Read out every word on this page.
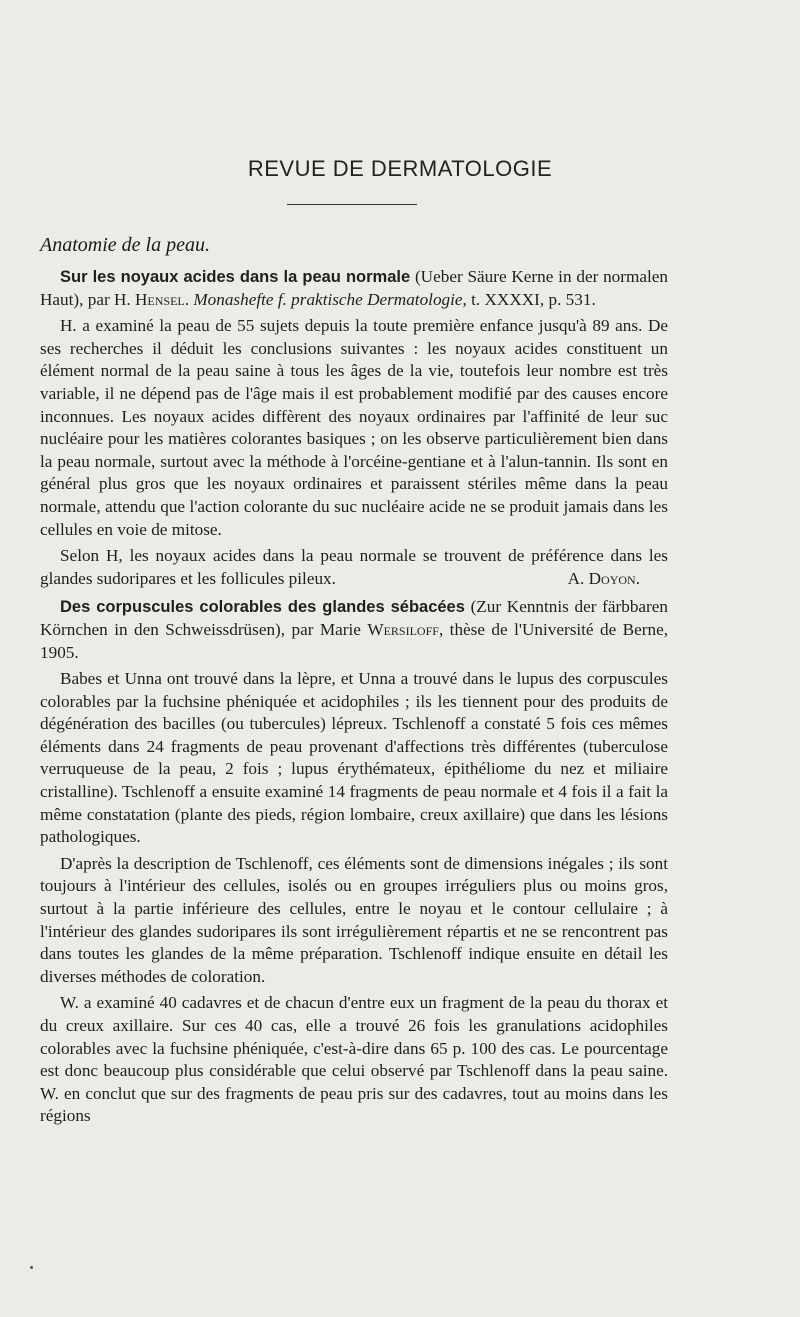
REVUE DE DERMATOLOGIE
Anatomie de la peau.

Sur les noyaux acides dans la peau normale (Ueber Säure Kerne in der normalen Haut), par H. Hensel. Monashefte f. praktische Dermatologie, t. XXXXI, p. 531.

H. a examiné la peau de 55 sujets depuis la toute première enfance jusqu'à 89 ans. De ses recherches il déduit les conclusions suivantes : les noyaux acides constituent un élément normal de la peau saine à tous les âges de la vie, toutefois leur nombre est très variable, il ne dépend pas de l'âge mais il est probablement modifié par des causes encore inconnues. Les noyaux acides diffèrent des noyaux ordinaires par l'affinité de leur suc nucléaire pour les matières colorantes basiques ; on les observe particulièrement bien dans la peau normale, surtout avec la méthode à l'orcéine-gentiane et à l'alun-tannin. Ils sont en général plus gros que les noyaux ordinaires et paraissent stériles même dans la peau normale, attendu que l'action colorante du suc nucléaire acide ne se produit jamais dans les cellules en voie de mitose.

Selon H, les noyaux acides dans la peau normale se trouvent de préférence dans les glandes sudoripares et les follicules pileux.	A. Doyon.

Des corpuscules colorables des glandes sébacées (Zur Kenntnis der färbbaren Körnchen in den Schweissdrüsen), par Marie Wersiloff, thèse de l'Université de Berne, 1905.

Babes et Unna ont trouvé dans la lèpre, et Unna a trouvé dans le lupus des corpuscules colorables par la fuchsine phéniquée et acidophiles ; ils les tiennent pour des produits de dégénération des bacilles (ou tubercules) lépreux. Tschlenoff a constaté 5 fois ces mêmes éléments dans 24 fragments de peau provenant d'affections très différentes (tuberculose verruqueuse de la peau, 2 fois ; lupus érythémateux, épithéliome du nez et miliaire cristalline). Tschlenoff a ensuite examiné 14 fragments de peau normale et 4 fois il a fait la même constatation (plante des pieds, région lombaire, creux axillaire) que dans les lésions pathologiques.

D'après la description de Tschlenoff, ces éléments sont de dimensions inégales ; ils sont toujours à l'intérieur des cellules, isolés ou en groupes irréguliers plus ou moins gros, surtout à la partie inférieure des cellules, entre le noyau et le contour cellulaire ; à l'intérieur des glandes sudoripares ils sont irrégulièrement répartis et ne se rencontrent pas dans toutes les glandes de la même préparation. Tschlenoff indique ensuite en détail les diverses méthodes de coloration.

W. a examiné 40 cadavres et de chacun d'entre eux un fragment de la peau du thorax et du creux axillaire. Sur ces 40 cas, elle a trouvé 26 fois les granulations acidophiles colorables avec la fuchsine phéniquée, c'est-à-dire dans 65 p. 100 des cas. Le pourcentage est donc beaucoup plus considérable que celui observé par Tschlenoff dans la peau saine. W. en conclut que sur des fragments de peau pris sur des cadavres, tout au moins dans les régions
